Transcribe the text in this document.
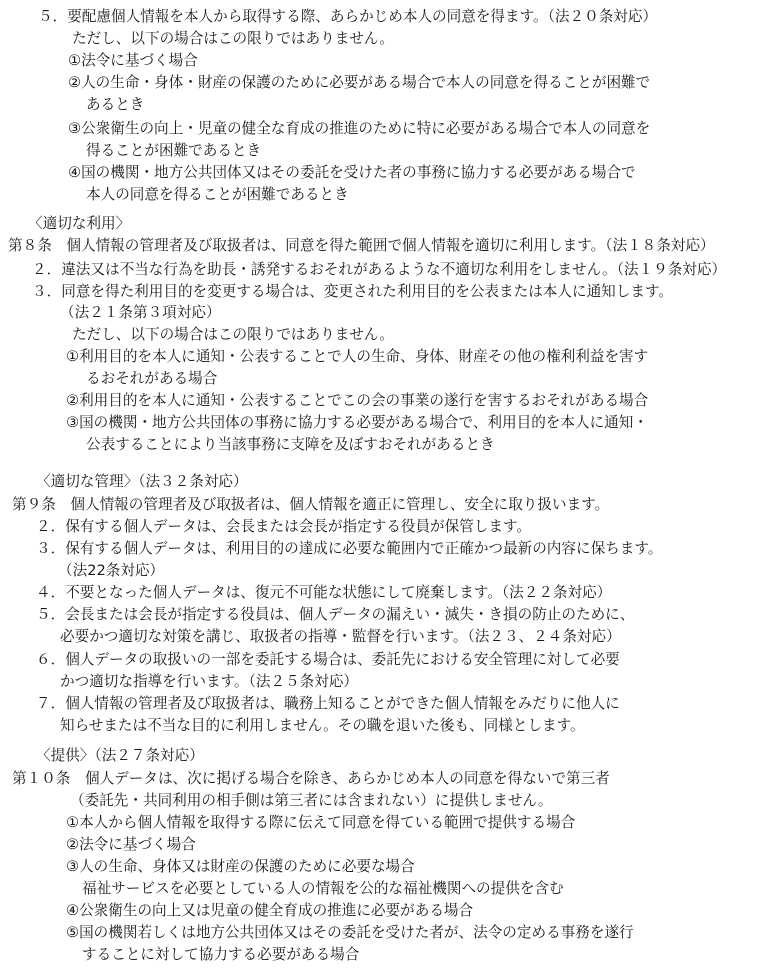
５．要配慮個人情報を本人から取得する際、あらかじめ本人の同意を得ます。（法２０条対応）
ただし、以下の場合はこの限りではありません。
①法令に基づく場合
②人の生命・身体・財産の保護のために必要がある場合で本人の同意を得ることが困難で
あるとき
③公衆衛生の向上・児童の健全な育成の推進のために特に必要がある場合で本人の同意を
得ることが困難であるとき
④国の機関・地方公共団体又はその委託を受けた者の事務に協力する必要がある場合で
本人の同意を得ることが困難であるとき
〈適切な利用〉
第８条　個人情報の管理者及び取扱者は、同意を得た範囲で個人情報を適切に利用します。（法１８条対応）
２．違法又は不当な行為を助長・誘発するおそれがあるような不適切な利用をしません。（法１９条対応）
３．同意を得た利用目的を変更する場合は、変更された利用目的を公表または本人に通知します。
（法２１条第３項対応）
ただし、以下の場合はこの限りではありません。
①利用目的を本人に通知・公表することで人の生命、身体、財産その他の権利利益を害す
るおそれがある場合
②利用目的を本人に通知・公表することでこの会の事業の遂行を害するおそれがある場合
③国の機関・地方公共団体の事務に協力する必要がある場合で、利用目的を本人に通知・
公表することにより当該事務に支障を及ぼすおそれがあるとき
〈適切な管理〉（法３２条対応）
第９条　個人情報の管理者及び取扱者は、個人情報を適正に管理し、安全に取り扱います。
２．保有する個人データは、会長または会長が指定する役員が保管します。
３．保有する個人データは、利用目的の達成に必要な範囲内で正確かつ最新の内容に保ちます。
（法22条対応）
４．不要となった個人データは、復元不可能な状態にして廃棄します。（法２２条対応）
５．会長または会長が指定する役員は、個人データの漏えい・滅失・き損の防止のために、
必要かつ適切な対策を講じ、取扱者の指導・監督を行います。（法２３、２４条対応）
６．個人データの取扱いの一部を委託する場合は、委託先における安全管理に対して必要
かつ適切な指導を行います。（法２５条対応）
７．個人情報の管理者及び取扱者は、職務上知ることができた個人情報をみだりに他人に
知らせまたは不当な目的に利用しません。その職を退いた後も、同様とします。
〈提供〉（法２７条対応）
第１０条　個人データは、次に掲げる場合を除き、あらかじめ本人の同意を得ないで第三者
（委託先・共同利用の相手側は第三者には含まれない）に提供しません。
①本人から個人情報を取得する際に伝えて同意を得ている範囲で提供する場合
②法令に基づく場合
③人の生命、身体又は財産の保護のために必要な場合
福祉サービスを必要としている人の情報を公的な福祉機関への提供を含む
④公衆衛生の向上又は児童の健全育成の推進に必要がある場合
⑤国の機関若しくは地方公共団体又はその委託を受けた者が、法令の定める事務を遂行
することに対して協力する必要がある場合
